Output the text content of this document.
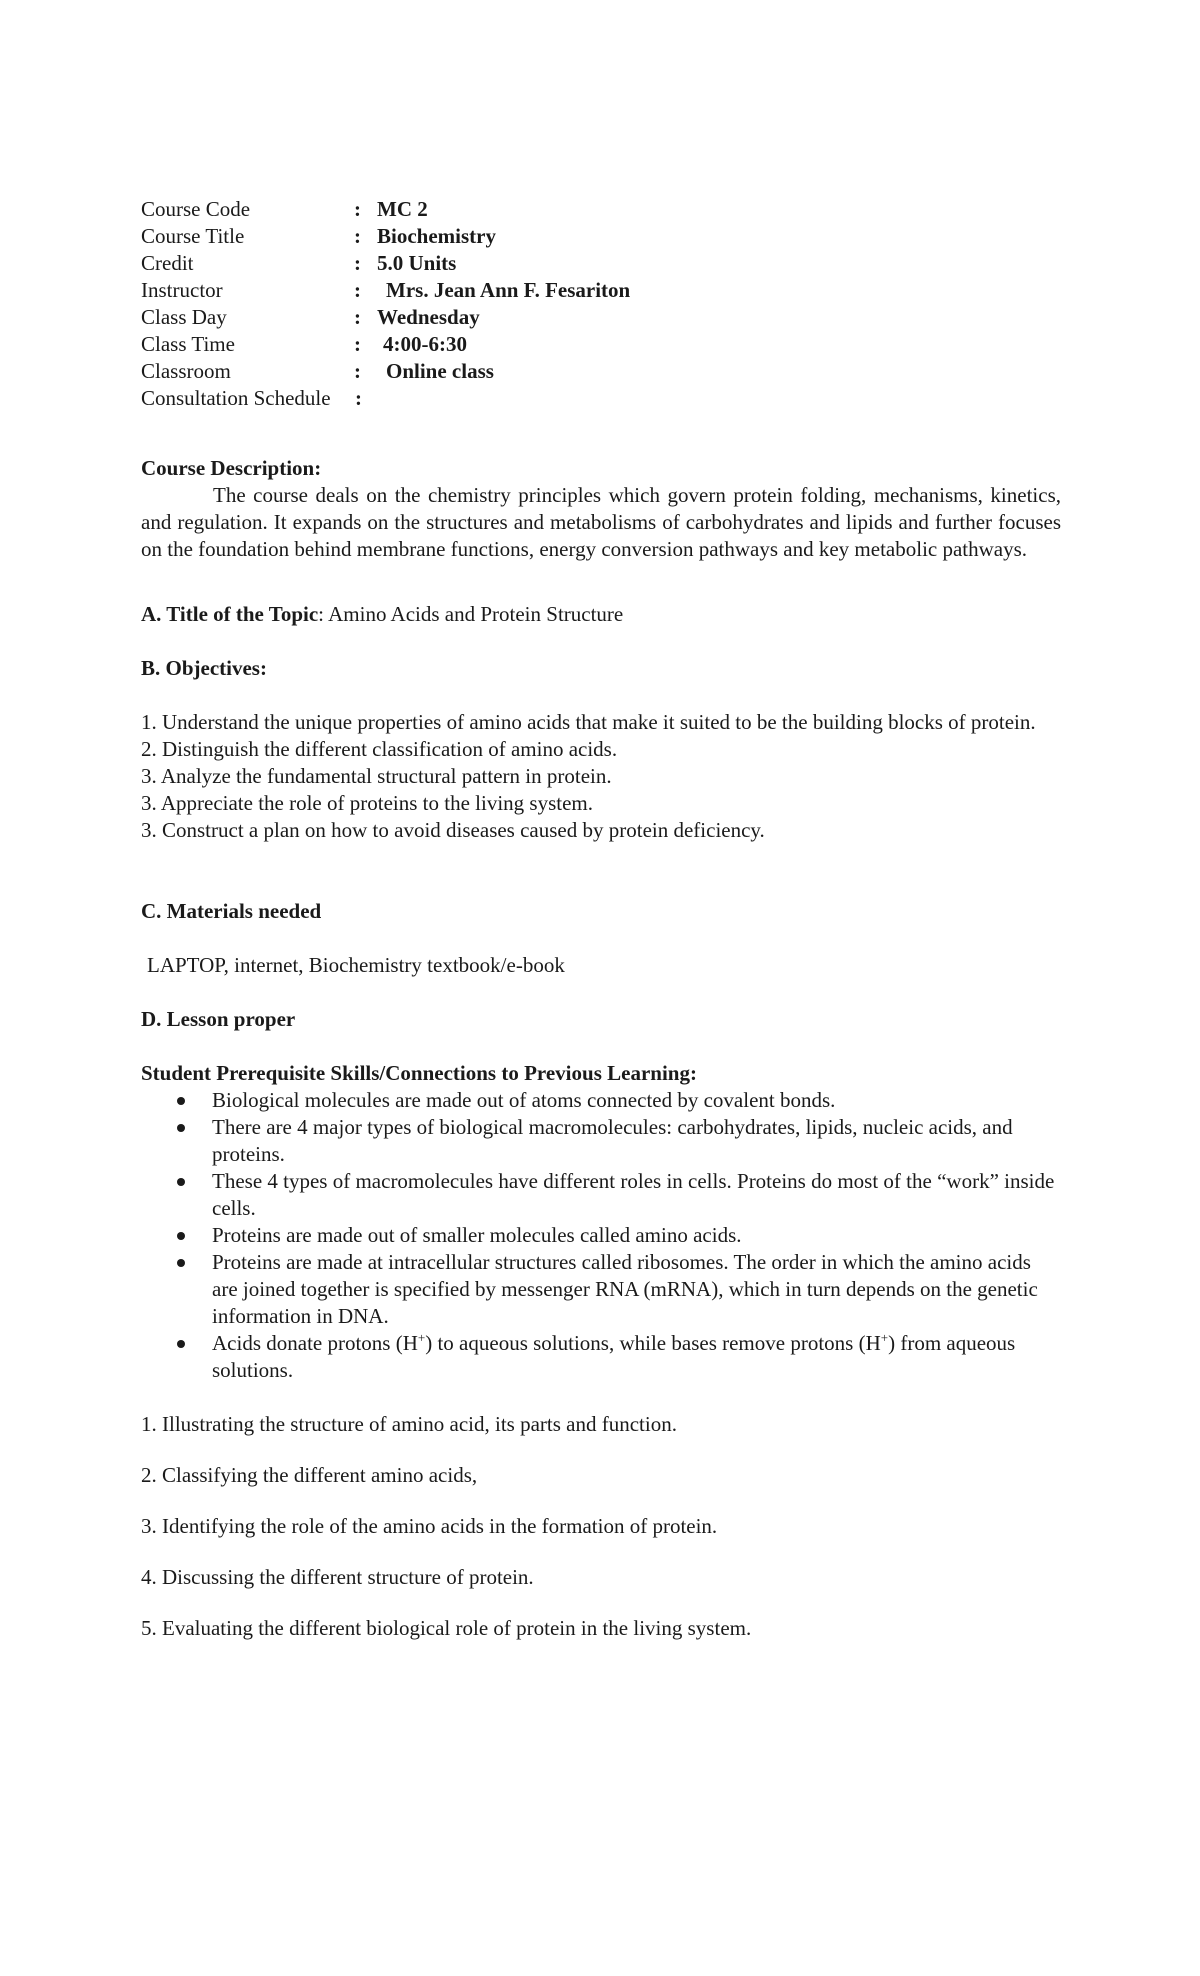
Course Code	: MC 2
Course Title	: Biochemistry
Credit	: 5.0 Units
Instructor	: Mrs. Jean Ann F. Fesariton
Class Day	: Wednesday
Class Time	: 4:00-6:30
Classroom	: Online class
Consultation Schedule :
Course Description:

The course deals on the chemistry principles which govern protein folding, mechanisms, kinetics, and regulation. It expands on the structures and metabolisms of carbohydrates and lipids and further focuses on the foundation behind membrane functions, energy conversion pathways and key metabolic pathways.

A. Title of the Topic: Amino Acids and Protein Structure
B. Objectives:
1. Understand the unique properties of amino acids that make it suited to be the building blocks of protein.
2. Distinguish the different classification of amino acids.
3. Analyze the fundamental structural pattern in protein.
3. Appreciate the role of proteins to the living system.
3. Construct a plan on how to avoid diseases caused by protein deficiency.
C. Materials needed
LAPTOP, internet, Biochemistry textbook/e-book
D. Lesson proper
Student Prerequisite Skills/Connections to Previous Learning:
Biological molecules are made out of atoms connected by covalent bonds.
There are 4 major types of biological macromolecules: carbohydrates, lipids, nucleic acids, and proteins.
These 4 types of macromolecules have different roles in cells. Proteins do most of the “work” inside cells.
Proteins are made out of smaller molecules called amino acids.
Proteins are made at intracellular structures called ribosomes. The order in which the amino acids are joined together is specified by messenger RNA (mRNA), which in turn depends on the genetic information in DNA.
Acids donate protons (H+) to aqueous solutions, while bases remove protons (H+) from aqueous solutions.
1. Illustrating the structure of amino acid, its parts and function.
2. Classifying the different amino acids,
3. Identifying the role of the amino acids in the formation of protein.
4. Discussing the different structure of protein.
5. Evaluating the different biological role of protein in the living system.
